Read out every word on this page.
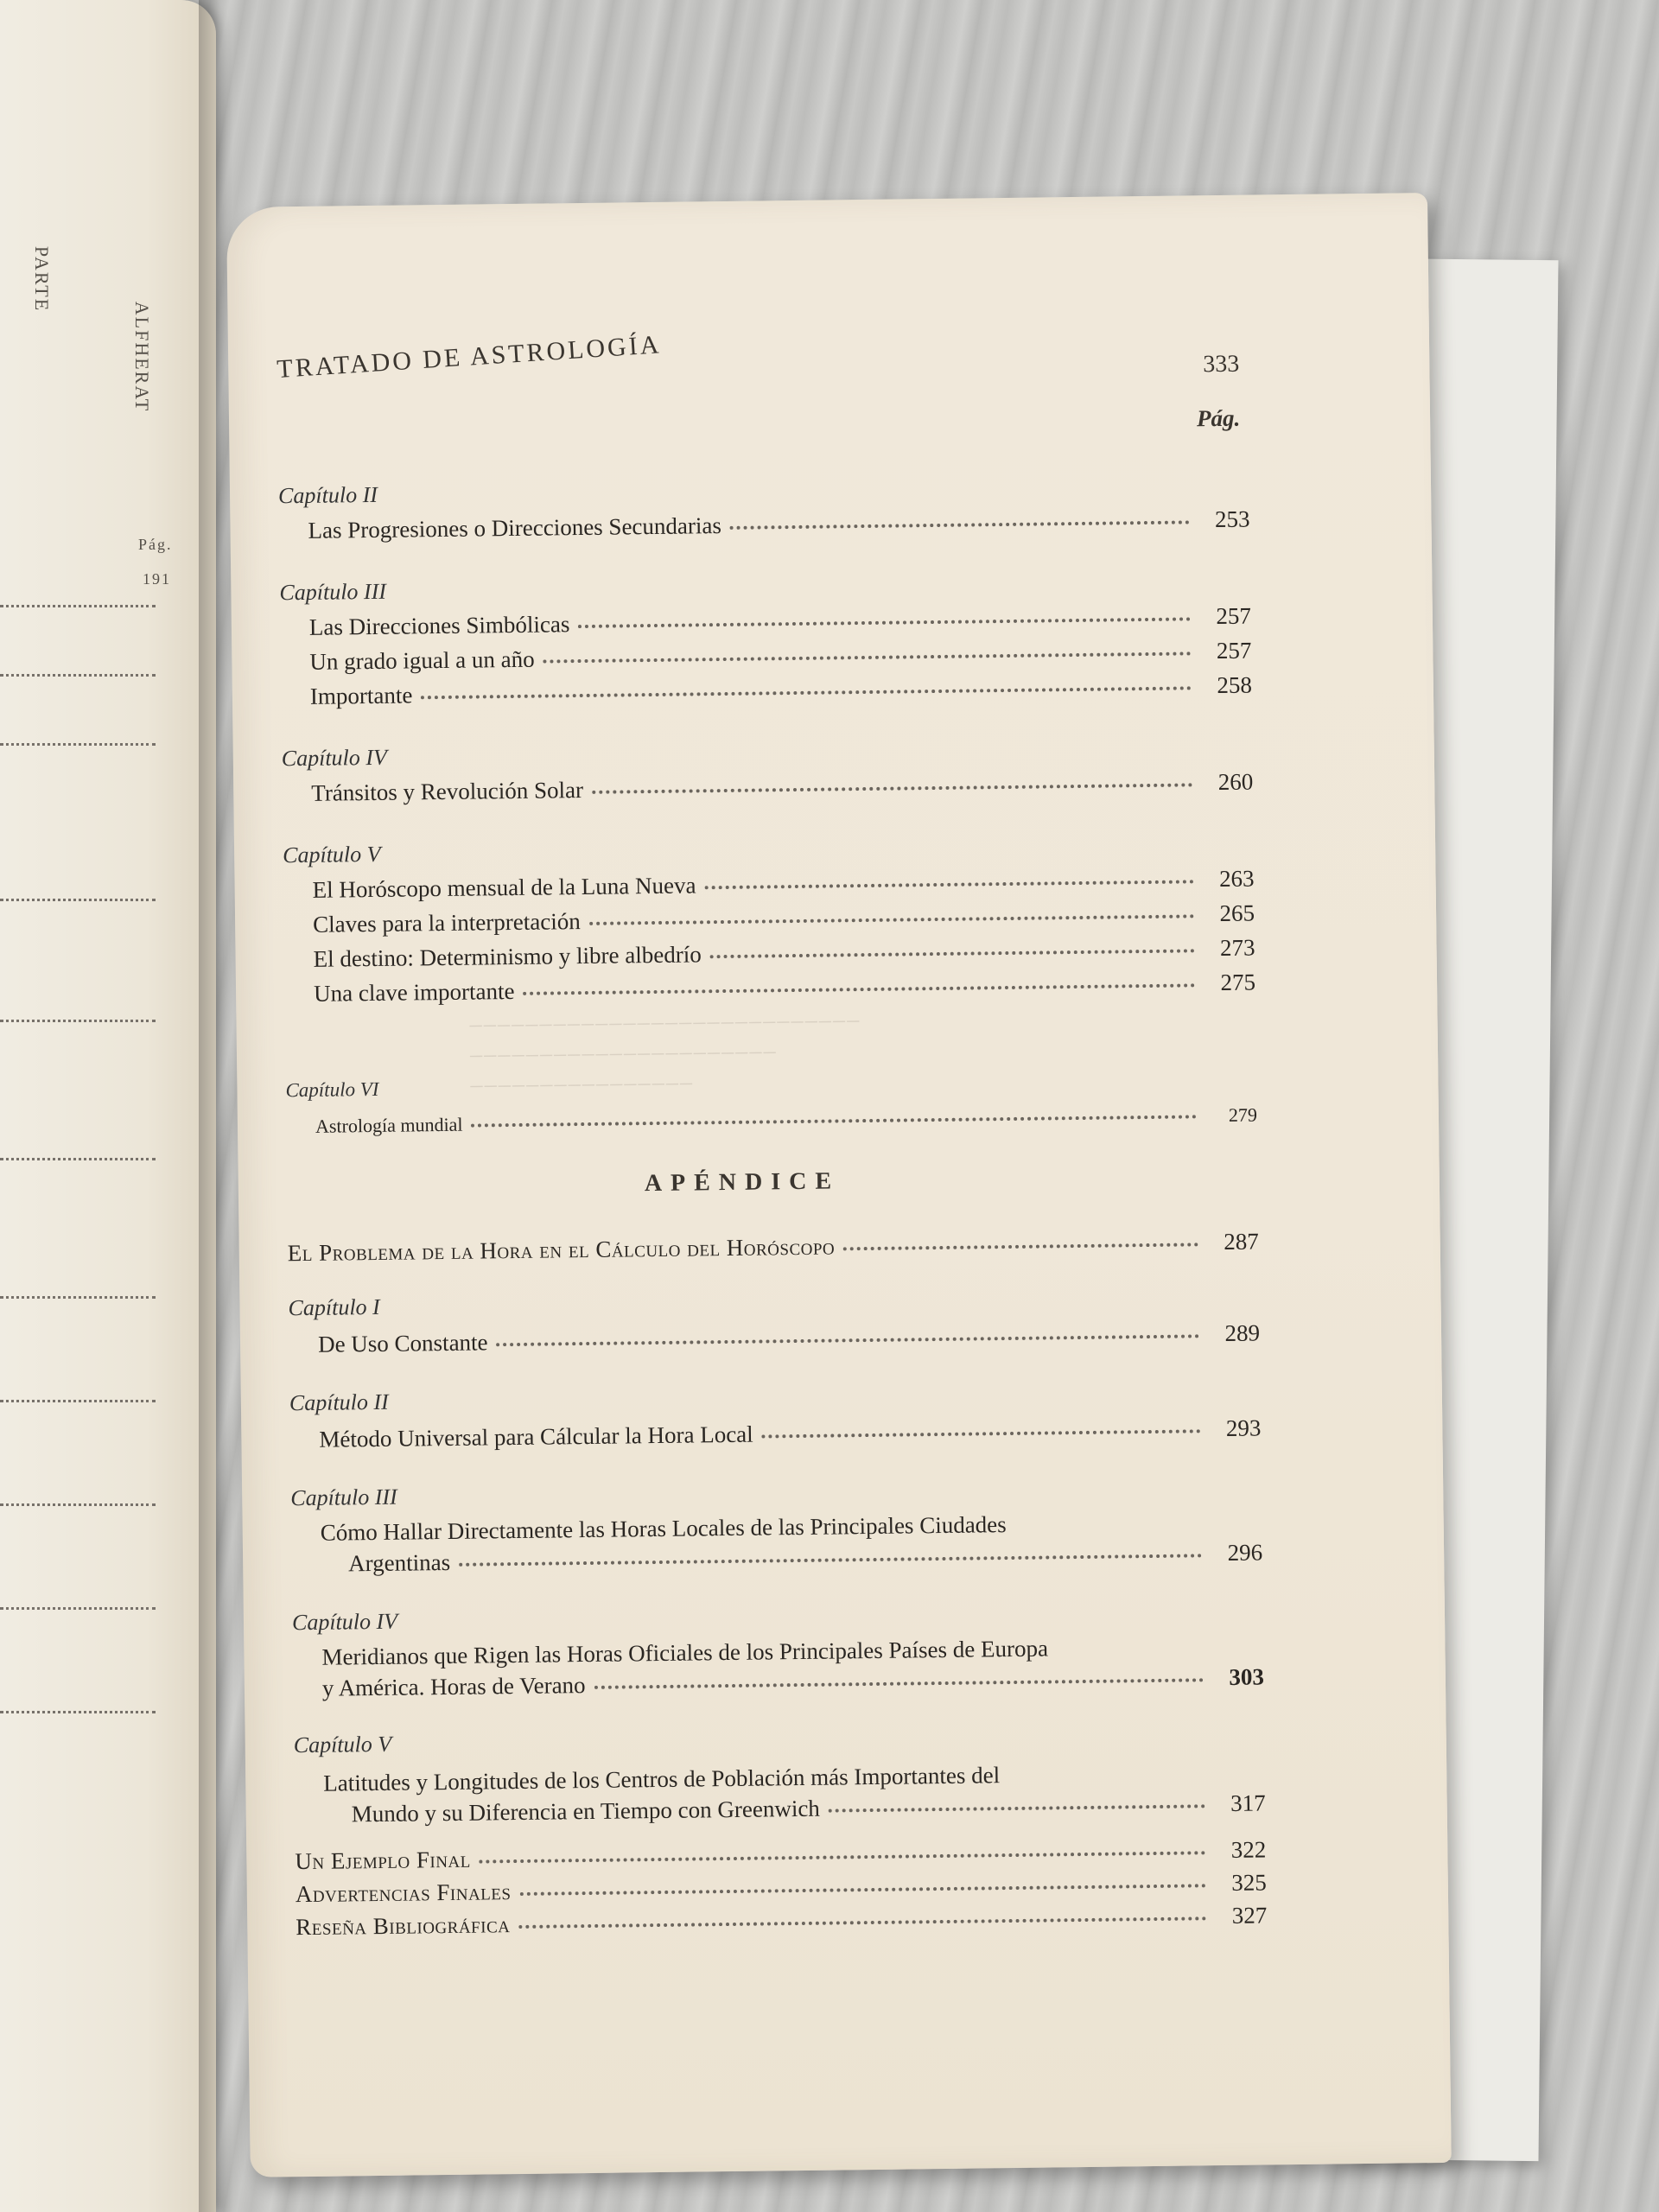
PARTE
ALFHERAT
Pág.
191
TRATADO DE ASTROLOGÍA	333
Pág.
Capítulo II
Las Progresiones o Direcciones Secundarias	253
Capítulo III
Las Direcciones Simbólicas	257
Un grado igual a un año	257
Importante	258
Capítulo IV
Tránsitos y Revolución Solar	260
Capítulo V
El Horóscopo mensual de la Luna Nueva	263
Claves para la interpretación	265
El destino: Determinismo y libre albedrío	273
Una clave importante	275
────────────────────────────
──────────────────────
────────────────
Capítulo VI
Astrología mundial	279
APÉNDICE
El Problema de la Hora en el Cálculo del Horóscopo	287
Capítulo I
De Uso Constante	289
Capítulo II
Método Universal para Cálcular la Hora Local	293
Capítulo III
Cómo Hallar Directamente las Horas Locales de las Principales Ciudades
Argentinas	296
Capítulo IV
Meridianos que Rigen las Horas Oficiales de los Principales Países de Europa
y América. Horas de Verano	303
Capítulo V
Latitudes y Longitudes de los Centros de Población más Importantes del
Mundo y su Diferencia en Tiempo con Greenwich	317
Un Ejemplo Final	322
Advertencias Finales	325
Reseña Bibliográfica	327
